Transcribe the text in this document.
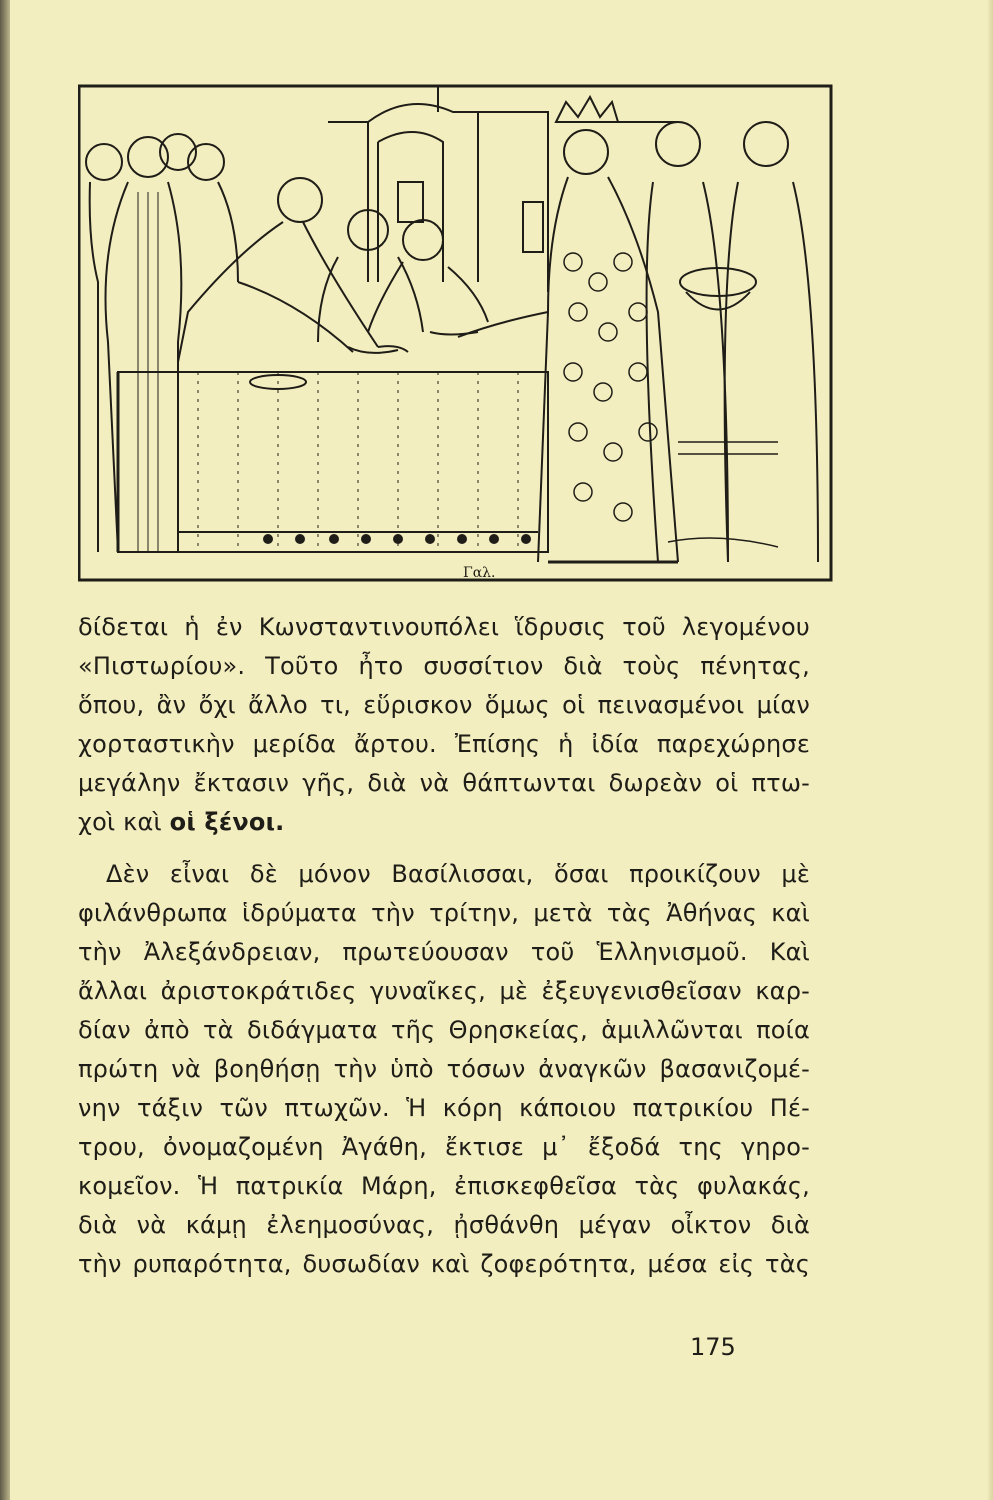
Γαλ.
δίδεται ἡ ἐν Κωνσταντινουπόλει ἵδρυσις τοῦ λεγομένου
«Πιστωρίου». Τοῦτο ἦτο συσσίτιον διὰ τοὺς πένητας,
ὅπου, ἂν ὄχι ἄλλο τι, εὕρισκον ὅμως οἱ πεινασμένοι μίαν
χορταστικὴν μερίδα ἄρτου. Ἐπίσης ἡ ἰδία παρεχώρησε
μεγάλην ἔκτασιν γῆς, διὰ νὰ θάπτωνται δωρεὰν οἱ πτω-
χοὶ καὶ οἱ ξένοι.
Δὲν εἶναι δὲ μόνον Βασίλισσαι, ὅσαι προικίζουν μὲ
φιλάνθρωπα ἱδρύματα τὴν τρίτην, μετὰ τὰς Ἀθήνας καὶ
τὴν Ἀλεξάνδρειαν, πρωτεύουσαν τοῦ Ἑλληνισμοῦ. Καὶ
ἄλλαι ἀριστοκράτιδες γυναῖκες, μὲ ἐξευγενισθεῖσαν καρ-
δίαν ἀπὸ τὰ διδάγματα τῆς Θρησκείας, ἁμιλλῶνται ποία
πρώτη νὰ βοηθήσῃ τὴν ὑπὸ τόσων ἀναγκῶν βασανιζομέ-
νην τάξιν τῶν πτωχῶν. Ἡ κόρη κάποιου πατρικίου Πέ-
τρου, ὀνομαζομένη Ἀγάθη, ἔκτισε μ᾿ ἔξοδά της γηρο-
κομεῖον. Ἡ πατρικία Μάρη, ἐπισκεφθεῖσα τὰς φυλακάς,
διὰ νὰ κάμῃ ἐλεημοσύνας, ᾐσθάνθη μέγαν οἶκτον διὰ
τὴν ρυπαρότητα, δυσωδίαν καὶ ζοφερότητα, μέσα εἰς τὰς
175
